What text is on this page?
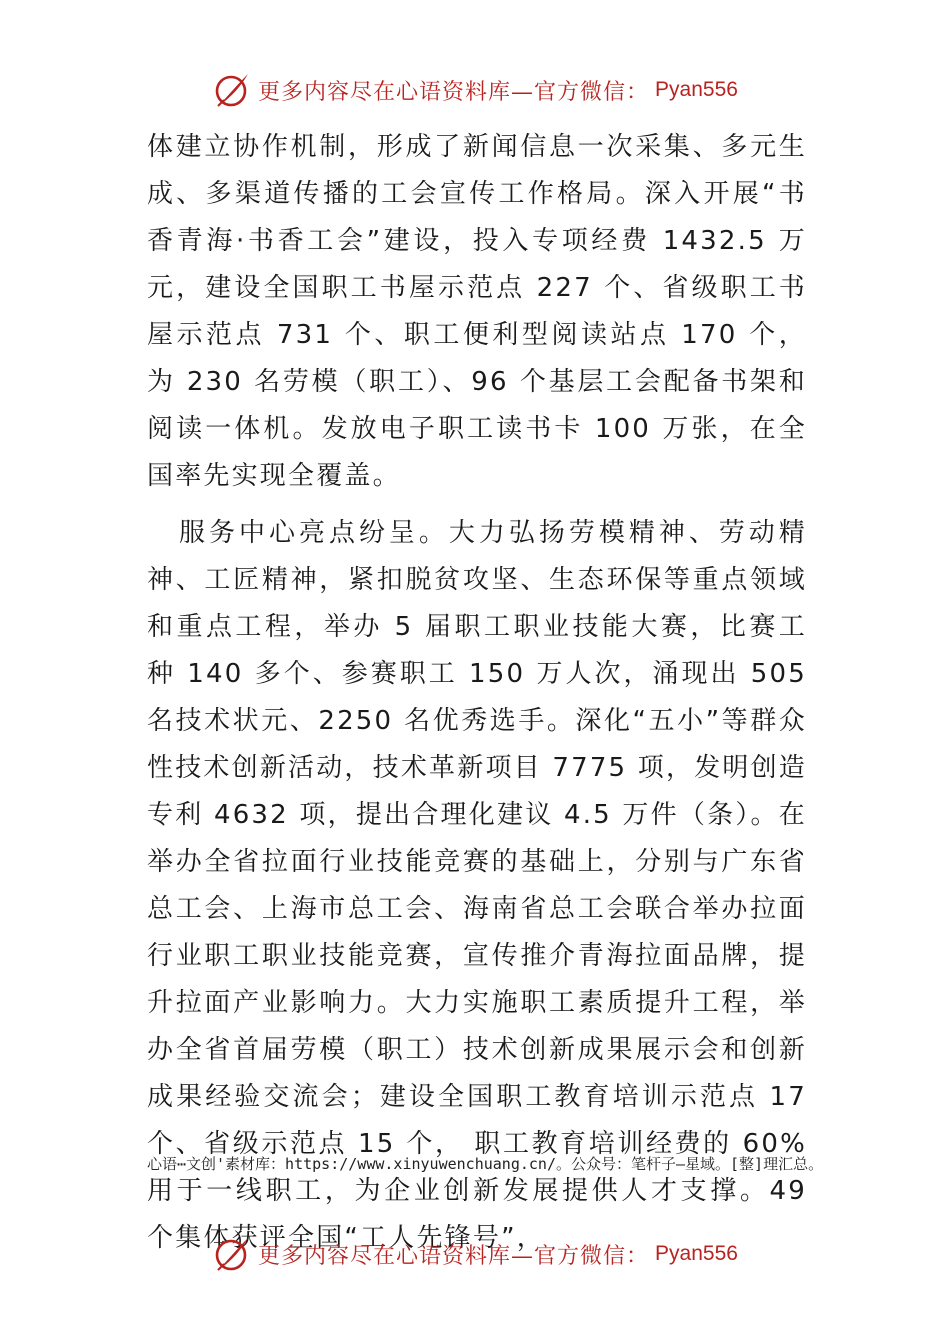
更多内容尽在心语资料库—官方微信： Pyan556

体建立协作机制，形成了新闻信息一次采集、多元生成、多渠道传播的工会宣传工作格局。深入开展“书香青海·书香工会”建设，投入专项经费 1432.5 万元，建设全国职工书屋示范点 227 个、省级职工书屋示范点 731 个、职工便利型阅读站点 170 个，为 230 名劳模（职工）、96 个基层工会配备书架和阅读一体机。发放电子职工读书卡 100 万张，在全国率先实现全覆盖。

服务中心亮点纷呈。大力弘扬劳模精神、劳动精神、工匠精神，紧扣脱贫攻坚、生态环保等重点领域和重点工程，举办 5 届职工职业技能大赛，比赛工种 140 多个、参赛职工 150 万人次，涌现出 505 名技术状元、2250 名优秀选手。深化“五小”等群众性技术创新活动，技术革新项目 7775 项，发明创造专利 4632 项，提出合理化建议 4.5 万件（条）。在举办全省拉面行业技能竞赛的基础上，分别与广东省总工会、上海市总工会、海南省总工会联合举办拉面行业职工职业技能竞赛，宣传推介青海拉面品牌，提升拉面产业影响力。大力实施职工素质提升工程，举办全省首届劳模（职工）技术创新成果展示会和创新成果经验交流会；建设全国职工教育培训示范点 17 个、省级示范点 15 个， 职工教育培训经费的 60%用于一线职工，为企业创新发展提供人才支撑。49 个集体获评全国“工人先锋号”，

心语⋯文创'素材库：https://www.xinyuwenchuang.cn/。公众号：笔杆子—星域。[整]理汇总。
更多内容尽在心语资料库—官方微信： Pyan556
